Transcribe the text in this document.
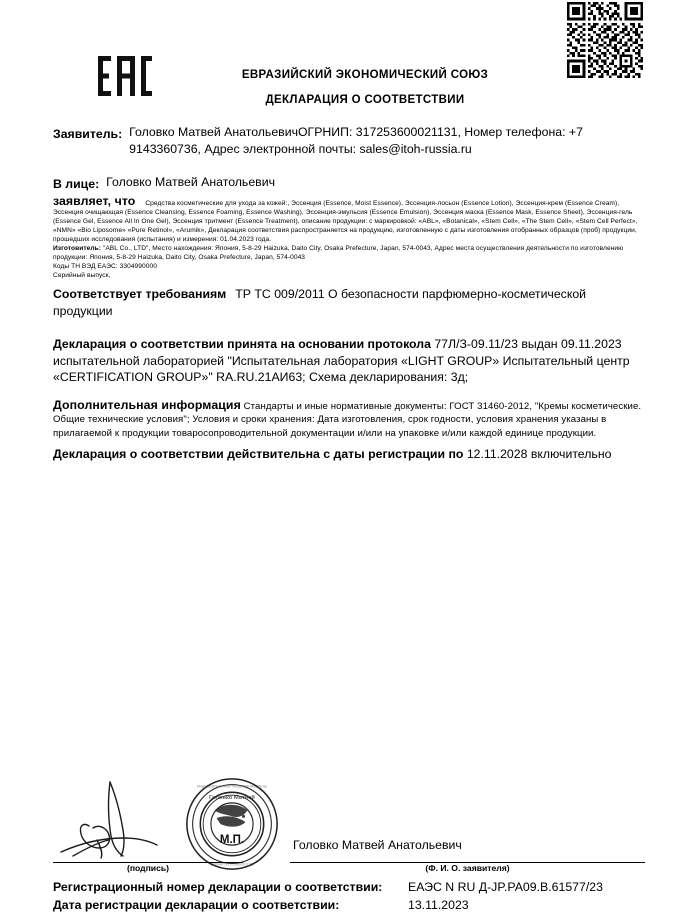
ЕВРАЗИЙСКИЙ ЭКОНОМИЧЕСКИЙ СОЮЗ
ДЕКЛАРАЦИЯ О СООТВЕТСТВИИ
Заявитель: Головко Матвей АнатольевичОГРНИП: 317253600021131, Номер телефона: +7 9143360736, Адрес электронной почты: sales@itoh-russia.ru
В лице: Головко Матвей Анатольевич

заявляет, что Средства косметические для ухода за кожей:, Эссенция (Essence, Moist Essence), Эссенция-лосьон (Essence Lotion), Эссенция-крем (Essence Cream), Эссенция очищающая (Essence Cleansing, Essence Foaming, Essence Washing), Эссенция-эмульсия (Essence Emulsion), Эссенция маска (Essence Mask, Essence Sheet), Эссенция-гель (Essence Gel, Essence All In One Gel), Эссенция тритмент (Essence Treatment), описание продукции: с маркировкой: «ABL», «Botanical», «Stem Cell», «The Stem Cell», «Stem Cell Perfect», «NMN» «Bio Liposome» «Pure Retinol», «Arumik», Декларация соответствия распространяется на продукцию, изготовленную с даты изготовления отобранных образцов (проб) продукции, прошедших исследования (испытания) и измерения: 01.04.2023 года.

Изготовитель: "ABL Co., LTD", Место нахождения: Япония, 5-8-29 Haizuka, Daito City, Osaka Prefecture, Japan, 574-0043, Адрес места осуществления деятельности по изготовлению продукции: Япония, 5-8-29 Haizuka, Daito City, Osaka Prefecture, Japan, 574-0043

Коды ТН ВЭД ЕАЭС: 3304990000

Серийный выпуск,

Соответствует требованиям ТР ТС 009/2011 О безопасности парфюмерно-косметической продукции
Декларация о соответствии принята на основании протокола 77Л/З-09.11/23 выдан 09.11.2023 испытательной лабораторией "Испытательная лаборатория «LIGHT GROUP» Испытательный центр «CERTIFICATION GROUP»" RA.RU.21АИ63; Схема декларирования: 3д;

Дополнительная информация Стандарты и иные нормативные документы: ГОСТ 31460-2012, "Кремы косметические. Общие технические условия"; Условия и сроки хранения: Дата изготовления, срок годности, условия хранения указаны в прилагаемой к продукции товаросопроводительной документации и/или на упаковке и/или каждой единице продукции.

Декларация о соответствии действительна с даты регистрации по 12.11.2028 включительно
Головко Матвей
М.П.
ИНДИВИДУАЛЬНЫЙ ПРЕДПРИНИМАТЕЛЬ
ОГРНИП 317253600021131
Головко Матвей Анатольевич
(подпись)	(Ф. И. О. заявителя)
Регистрационный номер декларации о соответствии:	ЕАЭС N RU Д-JP.РА09.В.61577/23
Дата регистрации декларации о соответствии:	13.11.2023
